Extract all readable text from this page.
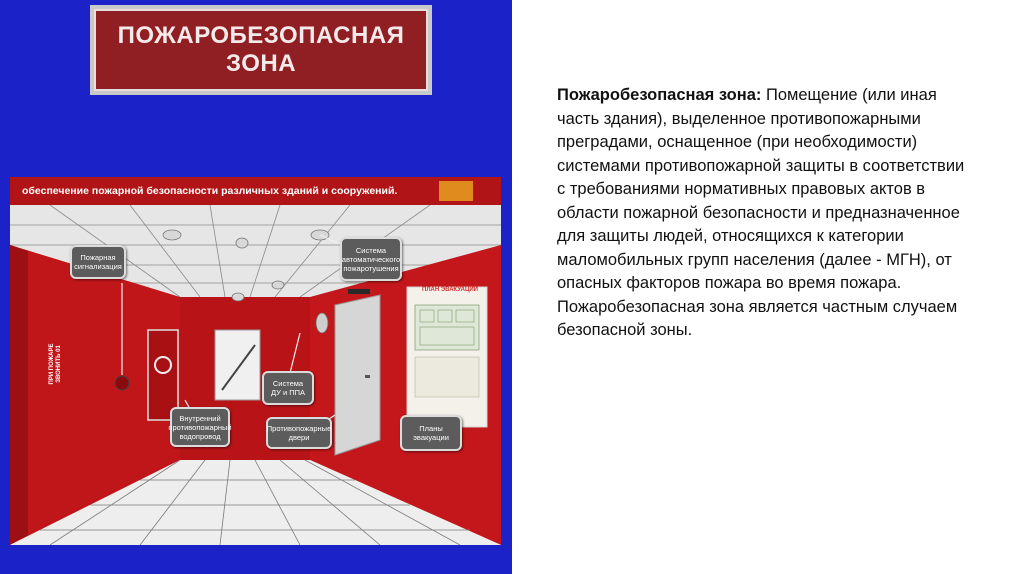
ПОЖАРОБЕЗОПАСНАЯ
ЗОНА
обеспечение пожарной безопасности различных зданий и сооружений.
ПРИ ПОЖАРЕ ЗВОНИТЬ 01
ПЛАН ЭВАКУАЦИИ
Пожарная
сигнализация
Система
автоматического
пожаротушения
Система
ДУ и ППА
Внутренний
противопожарный
водопровод
Противопожарные
двери
Планы эвакуации
Пожаробезопасная зона: Помещение (или иная часть здания), выделенное противопожарными преградами, оснащенное (при необходимости) системами противопожарной защиты в соответствии с требованиями нормативных правовых актов в области пожарной безопасности и предназначенное для защиты людей, относящихся к категории маломобильных групп населения (далее - МГН), от опасных факторов пожара во время пожара. Пожаробезопасная зона является частным случаем безопасной зоны.
